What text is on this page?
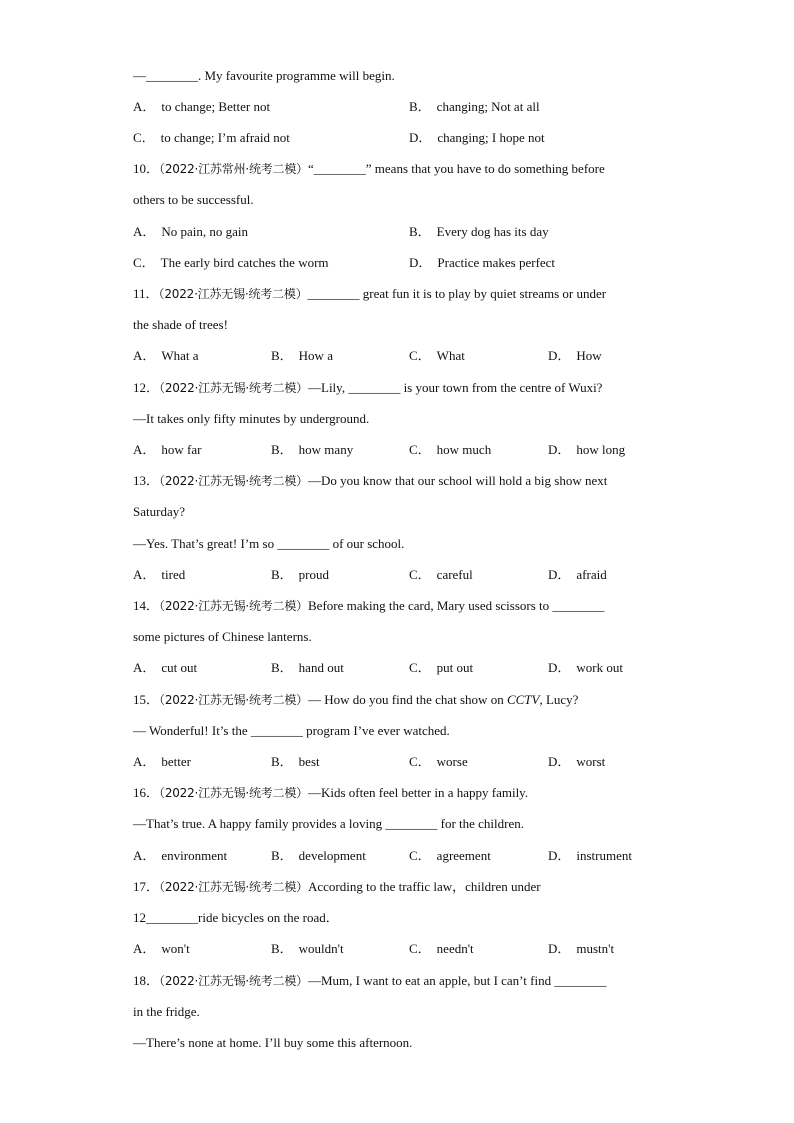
—________. My favourite programme will begin.
A． to change; Better not	B． changing; Not at all
C． to change; I’m afraid not	D． changing; I hope not
10．（2022·江苏常州·统考二模）“________” means that you have to do something before
others to be successful.
A． No pain, no gain	B． Every dog has its day
C． The early bird catches the worm	D． Practice makes perfect
11．（2022·江苏无锡·统考二模）________ great fun it is to play by quiet streams or under
the shade of trees!
A． What a	B． How a	C． What	D． How
12．（2022·江苏无锡·统考二模）—Lily, ________ is your town from the centre of Wuxi?
—It takes only fifty minutes by underground.
A． how far	B． how many	C． how much	D． how long
13．（2022·江苏无锡·统考二模）—Do you know that our school will hold a big show next
Saturday?
—Yes. That’s great! I’m so ________ of our school.
A． tired	B． proud	C． careful	D． afraid
14．（2022·江苏无锡·统考二模）Before making the card, Mary used scissors to ________
some pictures of Chinese lanterns.
A． cut out	B． hand out	C． put out	D． work out
15．（2022·江苏无锡·统考二模）— How do you find the chat show on CCTV, Lucy?
— Wonderful! It’s the ________ program I’ve ever watched.
A． better	B． best	C． worse	D． worst
16．（2022·江苏无锡·统考二模）—Kids often feel better in a happy family.
—That’s true. A happy family provides a loving ________ for the children.
A． environment	B． development	C． agreement	D． instrument
17．（2022·江苏无锡·统考二模）According to the traffic law，children under
12________ride bicycles on the road．
A． won't	B． wouldn't	C． needn't	D． mustn't
18．（2022·江苏无锡·统考二模）—Mum, I want to eat an apple, but I can’t find ________
in the fridge.
—There’s none at home. I’ll buy some this afternoon.
